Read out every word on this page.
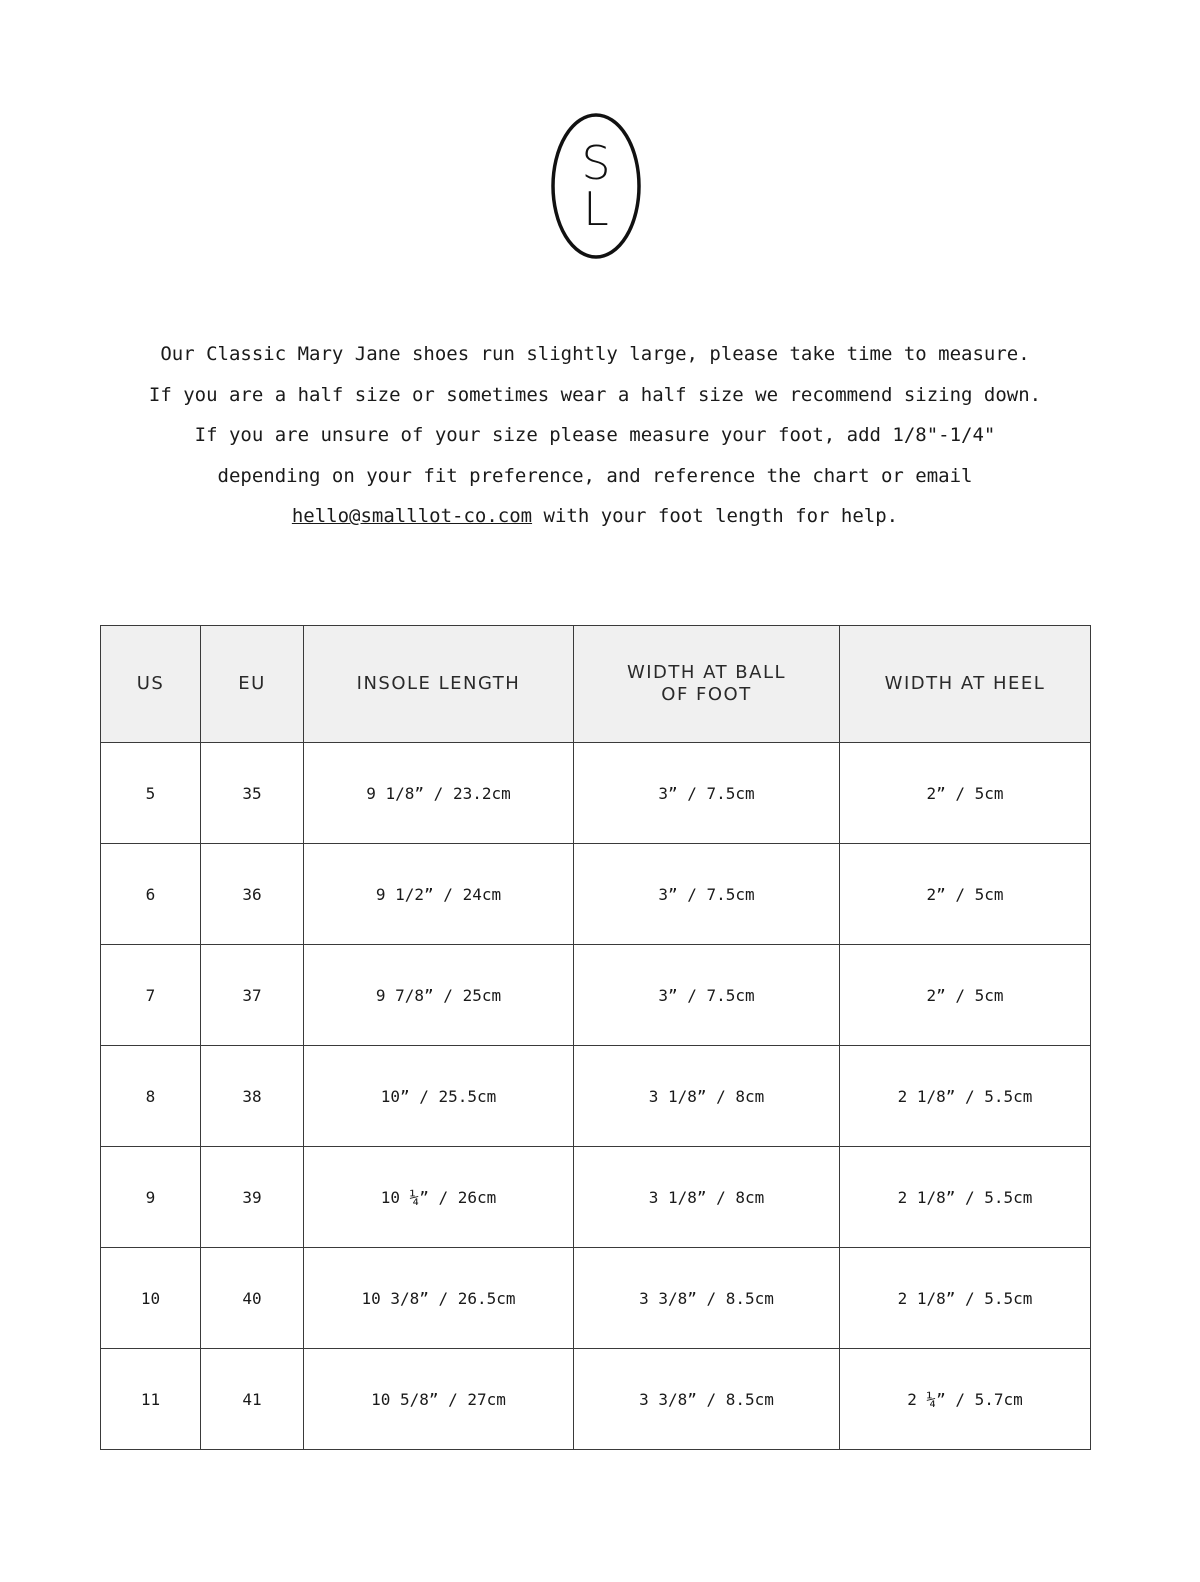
S
L

Our Classic Mary Jane shoes run slightly large, please take time to measure.

If you are a half size or sometimes wear a half size we recommend sizing down.

If you are unsure of your size please measure your foot, add 1/8"-1/4"

depending on your fit preference, and reference the chart or email

hello@smalllot-co.com with your foot length for help.

US	EU	INSOLE LENGTH	WIDTH AT BALL
OF FOOT	WIDTH AT HEEL
5	35	9 1/8” / 23.2cm	3” / 7.5cm	2” / 5cm
6	36	9 1/2” / 24cm	3” / 7.5cm	2” / 5cm
7	37	9 7/8” / 25cm	3” / 7.5cm	2” / 5cm
8	38	10” / 25.5cm	3 1/8” / 8cm	2 1/8” / 5.5cm
9	39	10 ¼” / 26cm	3 1/8” / 8cm	2 1/8” / 5.5cm
10	40	10 3/8” / 26.5cm	3 3/8” / 8.5cm	2 1/8” / 5.5cm
11	41	10 5/8” / 27cm	3 3/8” / 8.5cm	2 ¼” / 5.7cm
